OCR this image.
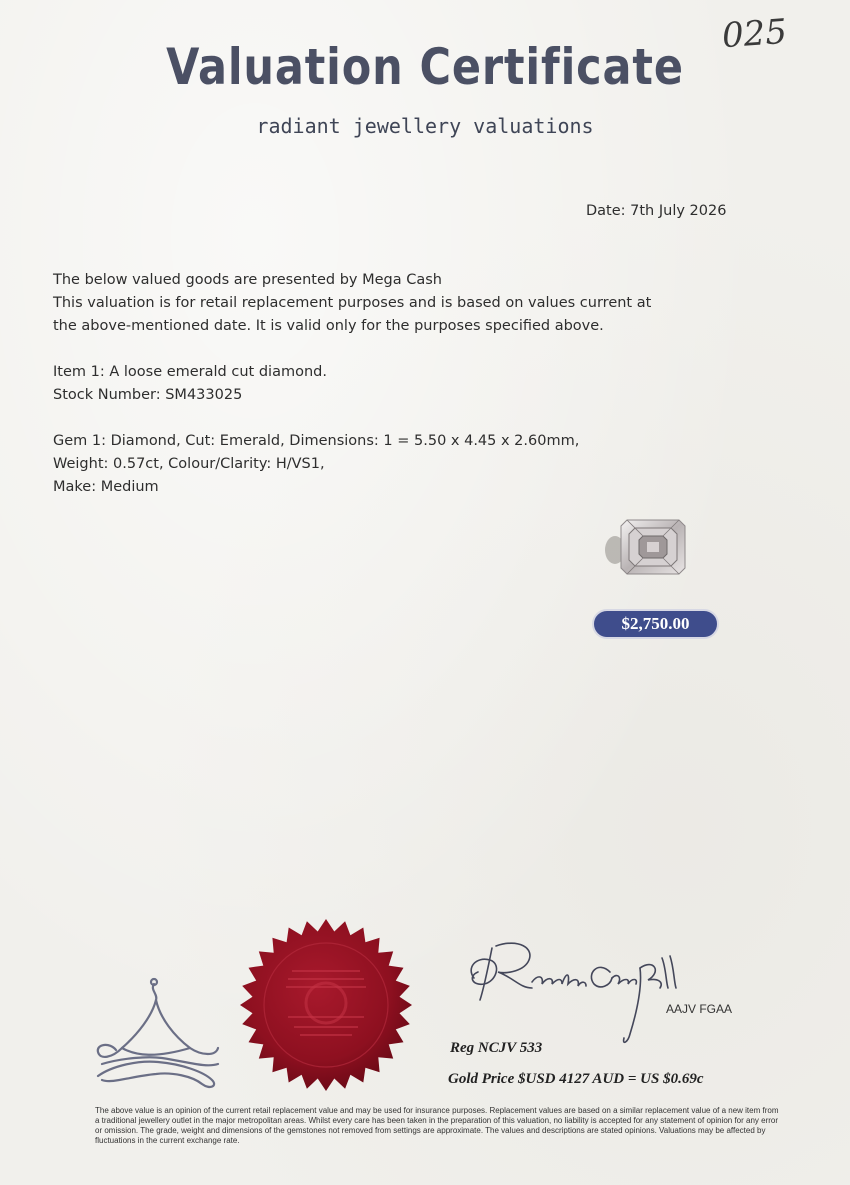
025
Valuation Certificate
radiant jewellery valuations
Date: 7th July 2026
The below valued goods are presented by Mega Cash
This valuation is for retail replacement purposes and is based on values current at
the above-mentioned date. It is valid only for the purposes specified above.
Item 1: A loose emerald cut diamond.
Stock Number: SM433025
Gem 1: Diamond, Cut: Emerald, Dimensions: 1 = 5.50 x 4.45 x 2.60mm,
Weight: 0.57ct, Colour/Clarity: H/VS1,
Make: Medium
$2,750.00
AAJV FGAA
Reg NCJV 533
Gold Price $USD 4127 AUD = US $0.69c
The above value is an opinion of the current retail replacement value and may be used for insurance purposes. Replacement values are based on a similar replacement value of a new item from a traditional jewellery outlet in the major metropolitan areas. Whilst every care has been taken in the preparation of this valuation, no liability is accepted for any statement of opinion for any error or omission. The grade, weight and dimensions of the gemstones not removed from settings are approximate. The values and descriptions are stated opinions. Valuations may be affected by fluctuations in the current exchange rate.
